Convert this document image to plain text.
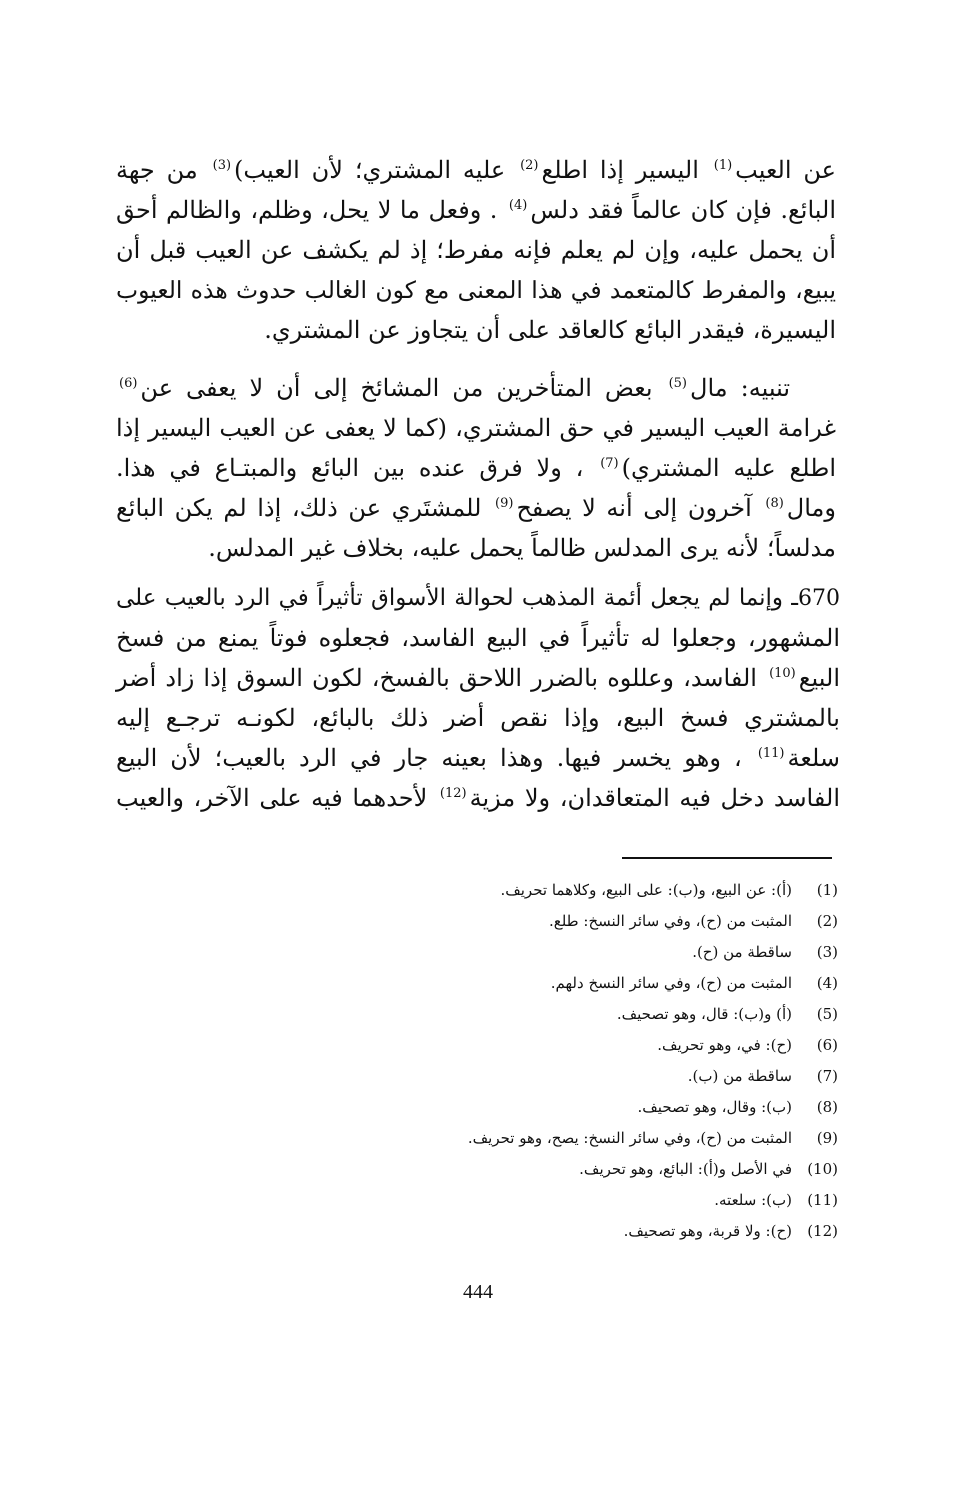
عن العيب$^{(1)}$ اليسير إذا اطلع$^{(2)}$ عليه المشتري؛ لأن العيب)$^{(3)}$ من جهة
البائع. فإن كان عالماً فقد دلس$^{(4)}$ . وفعل ما لا يحل، وظلم، والظالم أحق
أن يحمل عليه، وإن لم يعلم فإنه مفرط؛ إذ لم يكشف عن العيب قبل أن
يبيع، والمفرط كالمتعمد في هذا المعنى مع كون الغالب حدوث هذه العيوب
اليسيرة، فيقدر البائع كالعاقد على أن يتجاوز عن المشتري.
تنبيه: مال$^{(5)}$ بعض المتأخرين من المشائخ إلى أن لا يعفى عن$^{(6)}$
غرامة العيب اليسير في حق المشتري، (كما لا يعفى عن العيب اليسير إذا
اطلع عليه المشتري)$^{(7)}$ ، ولا فرق عنده بين البائع والمبتـاع في هذا.
ومال$^{(8)}$ آخرون إلى أنه لا يصفح$^{(9)}$ للمشتَري عن ذلك، إذا لم يكن البائع
مدلساً؛ لأنه يرى المدلس ظالماً يحمل عليه، بخلاف غير المدلس.
670ـ وإنما لم يجعل أئمة المذهب لحوالة الأسواق تأثيراً في الرد بالعيب على
المشهور، وجعلوا له تأثيراً في البيع الفاسد، فجعلوه فوتاً يمنع من فسخ
البيع$^{(10)}$ الفاسد، وعللوه بالضرر اللاحق بالفسخ، لكون السوق إذا زاد أضر
بالمشتري فسخ البيع، وإذا نقص أضر ذلك بالبائع، لكونـه ترجـع إليه
سلعة$^{(11)}$ ، وهو يخسر فيها. وهذا بعينه جار في الرد بالعيب؛ لأن البيع
الفاسد دخل فيه المتعاقدان، ولا مزية$^{(12)}$ لأحدهما فيه على الآخر، والعيب
(1)(أ): عن البيع، و(ب): على البيع، وكلاهما تحريف.
(2)المثبت من (ح)، وفي سائر النسخ: طلع.
(3)ساقطة من (ح).
(4)المثبت من (ح)، وفي سائر النسخ دلهم.
(5)(أ) و(ب): قال، وهو تصحيف.
(6)(ح): في، وهو تحريف.
(7)ساقطة من (ب).
(8)(ب): وقال، وهو تصحيف.
(9)المثبت من (ح)، وفي سائر النسخ: يصح، وهو تحريف.
(10)في الأصل و(أ): البائع، وهو تحريف.
(11)(ب): سلعته.
(12)(ح): ولا قربة، وهو تصحيف.
444
